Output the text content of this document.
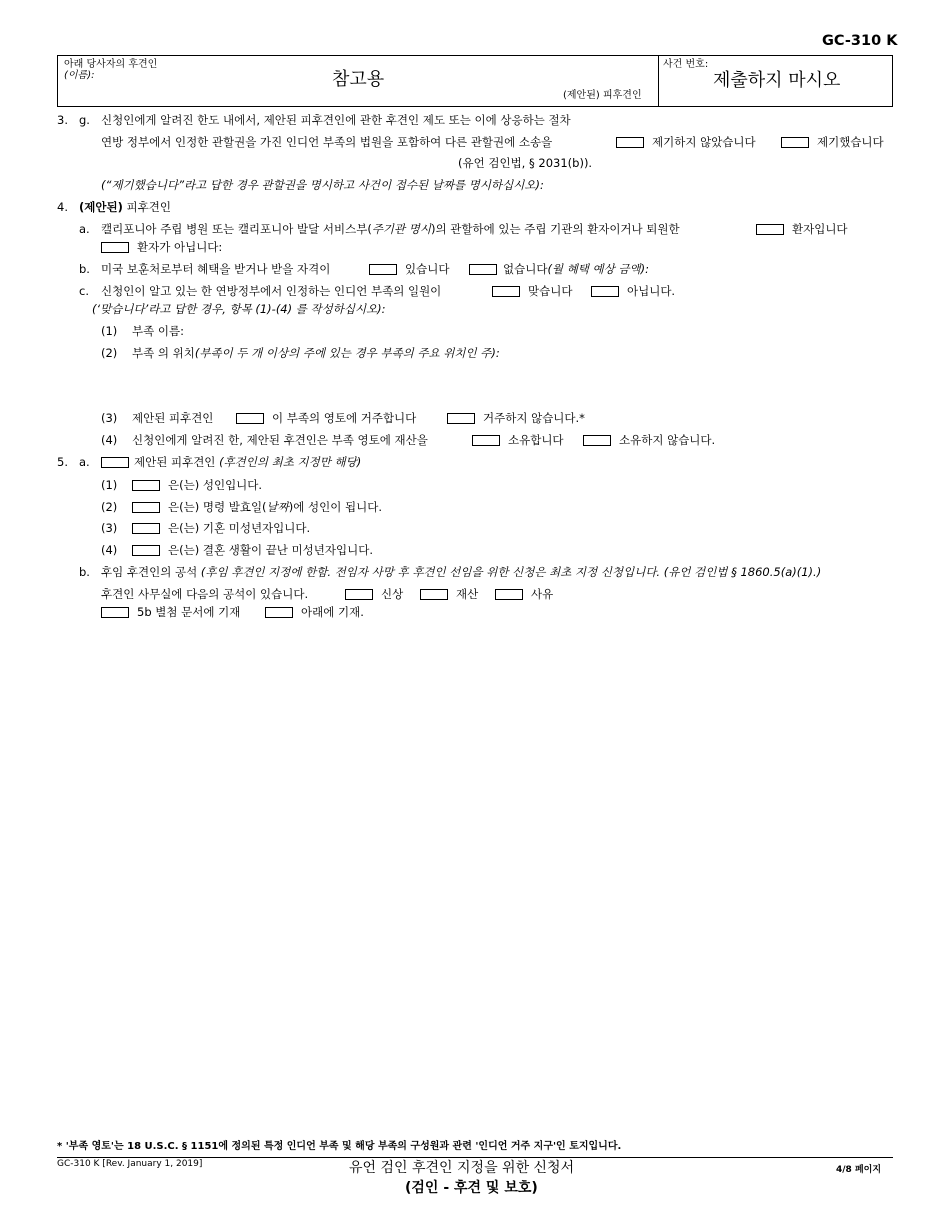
GC-310 K
아래 당사자의 후견인
(이름):	참고용
(제안된) 피후견인
사건 번호:
제출하지 마시오
3. g. 신청인에게 알려진 한도 내에서, 제안된 피후견인에 관한 후견인 제도 또는 이에 상응하는 절차
연방 정부에서 인정한 관할권을 가진 인디언 부족의 법원을 포함하여 다른 관할권에 소송을	제기하지 않았습니다	제기했습니다
(유언 검인법, § 2031(b)).
(“제기했습니다”라고 답한 경우 관할권을 명시하고 사건이 접수된 날짜를 명시하십시오):
4. (제안된) 피후견인
a. 캘리포니아 주립 병원 또는 캘리포니아 발달 서비스부(주기관 명시)의 관할하에 있는 주립 기관의 환자이거나 퇴원한	환자입니다
환자가 아닙니다:
b. 미국 보훈처로부터 혜택을 받거나 받을 자격이	있습니다	없습니다(월 혜택 예상 금액):
c. 신청인이 알고 있는 한 연방정부에서 인정하는 인디언 부족의 일원이	맞습니다	아닙니다.
(‘맞습니다’라고 답한 경우, 항목 (1)-(4) 를 작성하십시오):
(1) 부족 이름:
(2) 부족 의 위치(부족이 두 개 이상의 주에 있는 경우 부족의 주요 위치인 주):
(3) 제안된 피후견인	이 부족의 영토에 거주합니다	거주하지 않습니다.*
(4) 신청인에게 알려진 한, 제안된 후견인은 부족 영토에 재산을	소유합니다	소유하지 않습니다.
5. a.	제안된 피후견인 (후견인의 최초 지정만 해당)
(1)	은(는) 성인입니다.
(2)	은(는) 명령 발효일(날짜)에 성인이 됩니다.
(3)	은(는) 기혼 미성년자입니다.
(4)	은(는) 결혼 생활이 끝난 미성년자입니다.
b. 후임 후견인의 공석 (후임 후견인 지정에 한함. 전임자 사망 후 후견인 선임을 위한 신청은 최초 지정 신청입니다. (유언 검인법 § 1860.5(a)(1).)
후견인 사무실에 다음의 공석이 있습니다.	신상	재산	사유
5b 별첨 문서에 기재	아래에 기재.
* '부족 영토'는 18 U.S.C. § 1151에 정의된 특정 인디언 부족 및 해당 부족의 구성원과 관련 '인디언 거주 지구'인 토지입니다.
GC-310 K [Rev. January 1, 2019]	유언 검인 후견인 지정을 위한 신청서
(검인 - 후견 및 보호)
4/8 페이지
